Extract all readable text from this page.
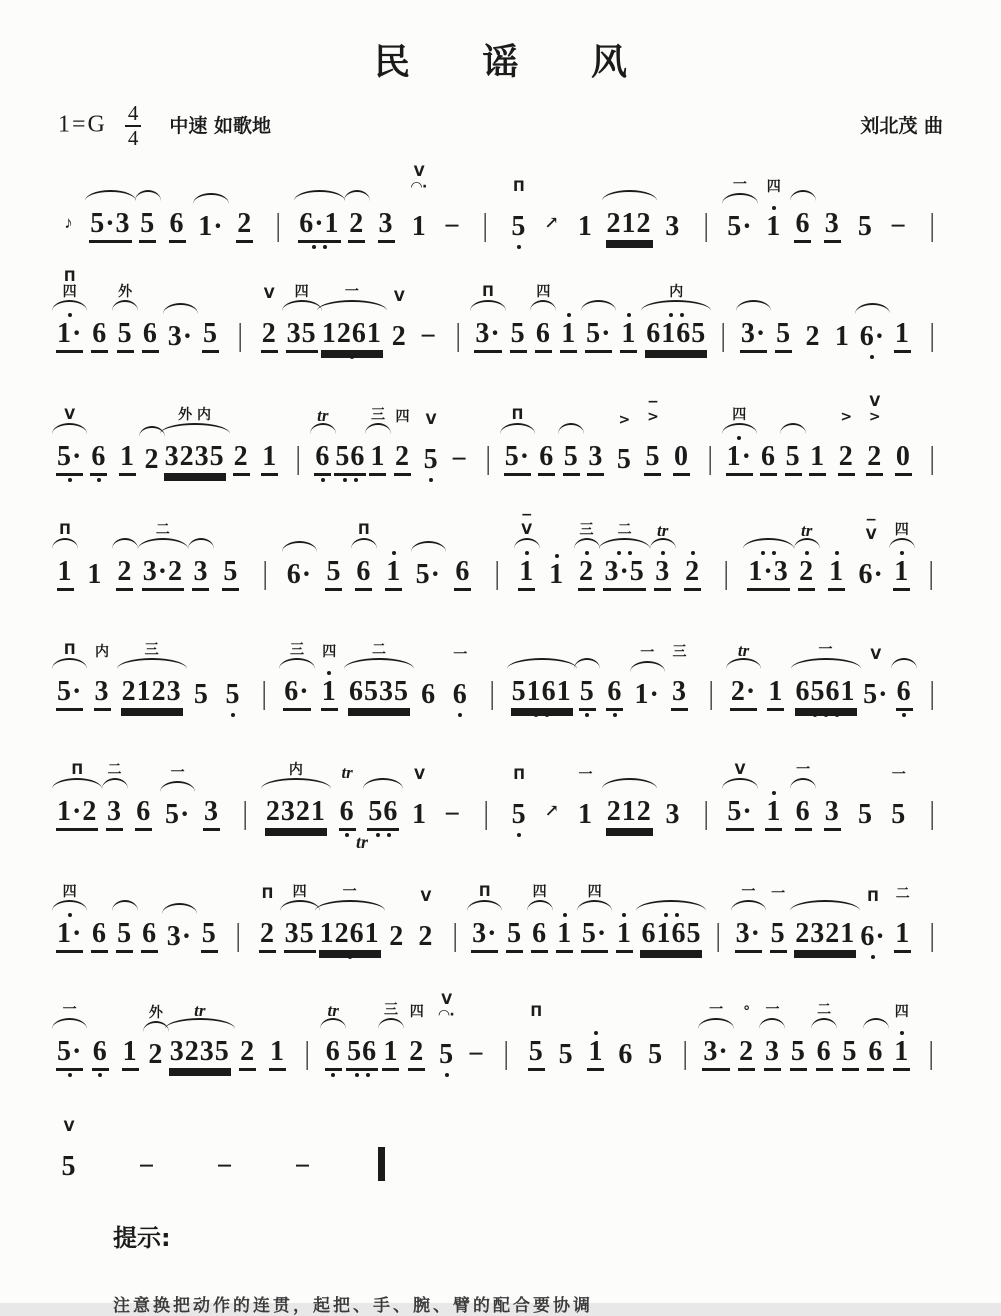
民 谣 风
$1=G \frac{4}{4}$ 中速 如歌地	刘北茂 曲
♪ 5·3 5 6 1· 2 | 6·1 2 3
V
◠·
1 − |
Π
5 ↗ 1 212 3 |
一
5·
四
1 6 3 5 − |
Π
四
1· 6
外
5 6 3· 5 |
V
2
四
35
一
1261
V
2 − |
Π
3· 5
四
6 1 5· 1
内
6165 | 3· 5 2 1 6· 1 |
V
5· 6 1 2
外 内
3235 2 1 |
tr
6 56
三
1
四
2
V
5 − |
Π
5· 6 5 3
>
5
−
>
5 0 |
四
1· 6 5 1
>
2
V
>
2 0 |
Π
1 1 2
二
3·2 3 5 | 6· 5
Π
6 1 5· 6 |
−
V
1 1
三
2
二
3·5
tr
3 2 | 1·3
tr
2 1
−
V
6·
四
1 |
Π
5·
内
3
三
2123 5 5 |
三
6·
四
1
二
6535 6
一
6 | 5161 5 6
一
1·
三
3 |
tr
2· 1
一
6561
V
5· 6 |
Π
1·2
二
3 6
一
5· 3 |
内
2321
tr
6 56
V
1 − |
Π
5 ↗
一
1 212 3 |
V
5· 1
一
6 3 5
一
5 |
四
1· 6 5 6 3· 5 |
Π
2
四
35
一
1261 2
V
2 |
Π
3· 5
四
6 1
四
5· 1 6165 |
一
3·
一
5 2321
Π
6·
二
1 |
tr
一
5· 6 1
外
2
tr
3235 2 1 |
tr
6 56
三
1
四
2
V
◠·
5 − |
Π
5 5 1 6 5 |
一
3·
°
2
一
3 5
二
6 5 6
四
1 |
V
5 − − −
提示:
注意换把动作的连贯，起把、手、腕、臂的配合要协调
